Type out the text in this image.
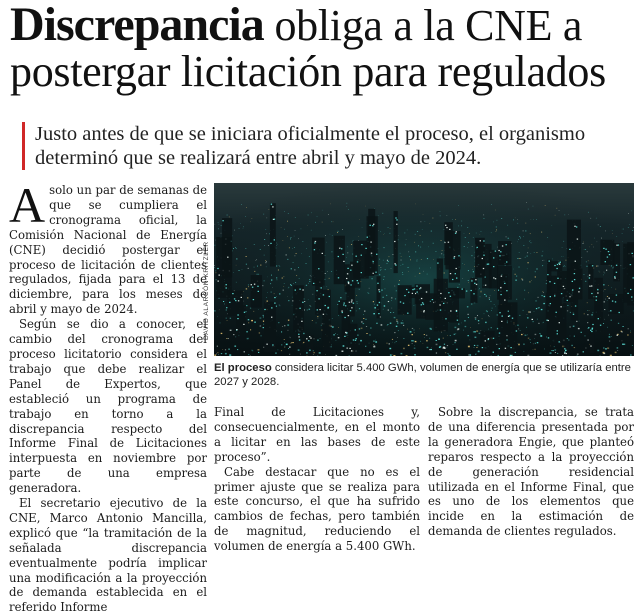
Discrepancia obliga a la CNE a
postergar licitación para regulados
Justo antes de que se iniciara oficialmente el proceso, el organismo determinó que se realizará entre abril y mayo de 2024.

A solo un par de semanas de que se cumpliera el cronograma oficial, la Comisión Nacional de Energía (CNE) decidió postergar el proceso de licitación de clientes regulados, fijada para el 13 de diciembre, para los meses de abril y mayo de 2024.

Según se dio a conocer, el cambio del cronograma del proceso licitatorio considera el trabajo que debe realizar el Panel de Expertos, que estableció un programa de trabajo en torno a la discrepancia respecto del Informe Final de Licitaciones interpuesta en noviembre por parte de una empresa generadora.

El secretario ejecutivo de la CNE, Marco Antonio Mancilla, explicó que “la tramitación de la señalada discrepancia eventualmente podría implicar una modificación a la proyección de demanda establecida en el referido Informe

DAVID ALARCÓN KRITZLER
El proceso considera licitar 5.400 GWh, volumen de energía que se utilizaría entre 2027 y 2028.

Final de Licitaciones y, consecuencialmente, en el monto a licitar en las bases de este proceso”.

Cabe destacar que no es el primer ajuste que se realiza para este concurso, el que ha sufrido cambios de fechas, pero también de magnitud, reduciendo el volumen de energía a 5.400 GWh.

Sobre la discrepancia, se trata de una diferencia presentada por la generadora Engie, que planteó reparos respecto a la proyección de generación residencial utilizada en el Informe Final, que es uno de los elementos que incide en la estimación de demanda de clientes regulados.
